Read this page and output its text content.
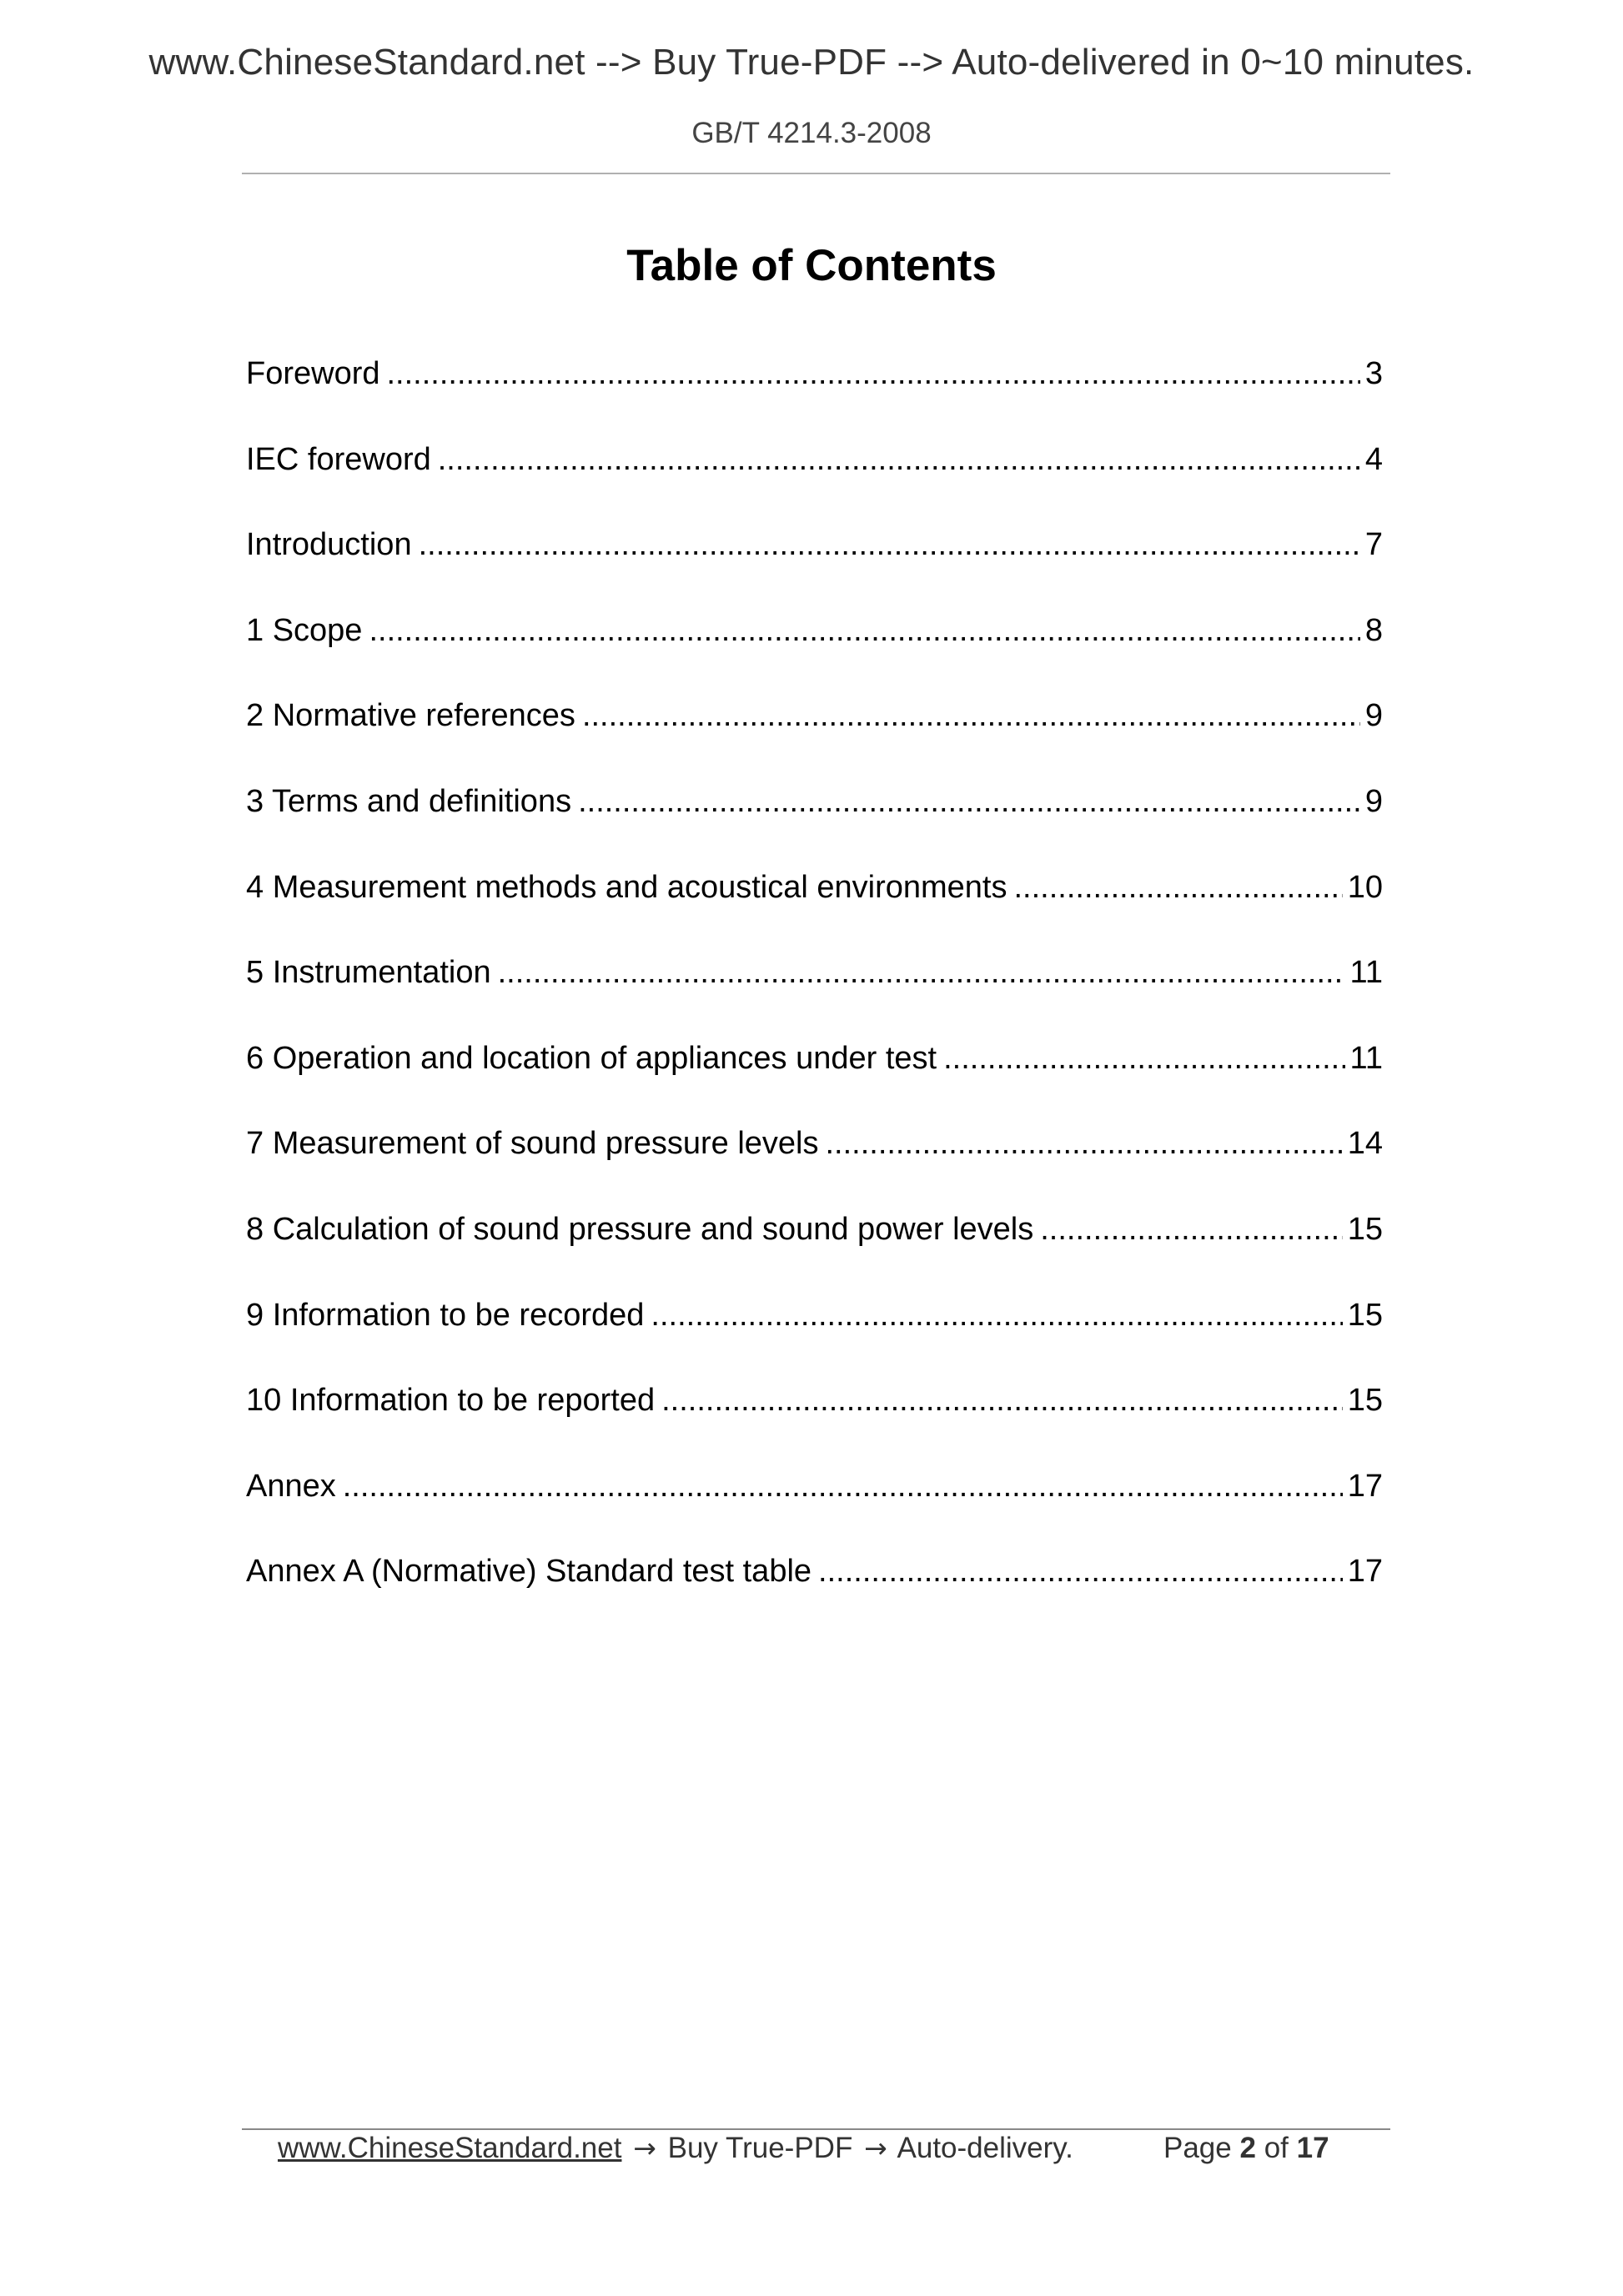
www.ChineseStandard.net --> Buy True-PDF --> Auto-delivered in 0~10 minutes.
GB/T 4214.3-2008
Table of Contents
Foreword .....	3
IEC foreword .....	4
Introduction .....	7
1 Scope .....	8
2 Normative references .....	9
3 Terms and definitions .....	9
4 Measurement methods and acoustical environments .....	10
5 Instrumentation .....	11
6 Operation and location of appliances under test .....	11
7 Measurement of sound pressure levels .....	14
8 Calculation of sound pressure and sound power levels .....	15
9 Information to be recorded .....	15
10 Information to be reported .....	15
Annex .....	17
Annex A (Normative) Standard test table .....	17
www.ChineseStandard.net → Buy True-PDF → Auto-delivery.	Page 2 of 17
